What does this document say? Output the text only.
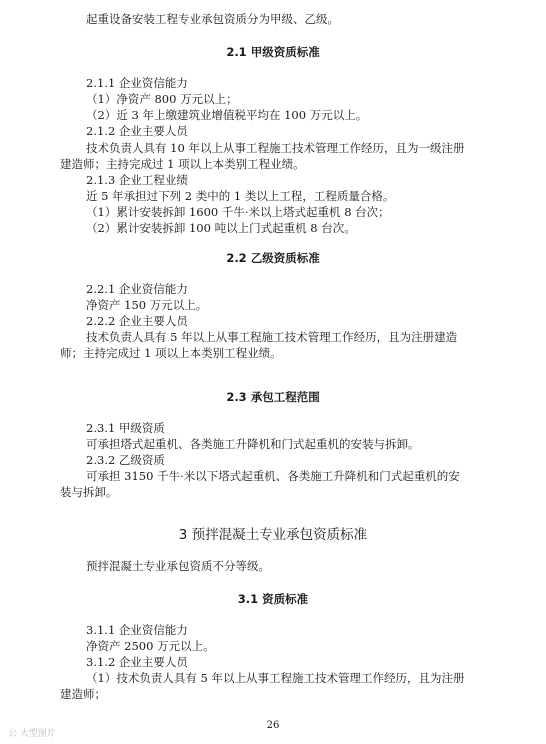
起重设备安装工程专业承包资质分为甲级、乙级。
2.1 甲级资质标准
2.1.1 企业资信能力
（1）净资产 800 万元以上；
（2）近 3 年上缴建筑业增值税平均在 100 万元以上。
2.1.2 企业主要人员
技术负责人具有 10 年以上从事工程施工技术管理工作经历，且为一级注册
建造师；主持完成过 1 项以上本类别工程业绩。
2.1.3 企业工程业绩
近 5 年承担过下列 2 类中的 1 类以上工程，工程质量合格。
（1）累计安装拆卸 1600 千牛·米以上塔式起重机 8 台次；
（2）累计安装拆卸 100 吨以上门式起重机 8 台次。
2.2 乙级资质标准
2.2.1 企业资信能力
净资产 150 万元以上。
2.2.2 企业主要人员
技术负责人具有 5 年以上从事工程施工技术管理工作经历，且为注册建造
师；主持完成过 1 项以上本类别工程业绩。
2.3 承包工程范围
2.3.1 甲级资质
可承担塔式起重机、各类施工升降机和门式起重机的安装与拆卸。
2.3.2 乙级资质
可承担 3150 千牛·米以下塔式起重机、各类施工升降机和门式起重机的安
装与拆卸。
3 预拌混凝土专业承包资质标准
预拌混凝土专业承包资质不分等级。
3.1 资质标准
3.1.1 企业资信能力
净资产 2500 万元以上。
3.1.2 企业主要人员
（1）技术负责人具有 5 年以上从事工程施工技术管理工作经历，且为注册
建造师；
26
公 大型图片
